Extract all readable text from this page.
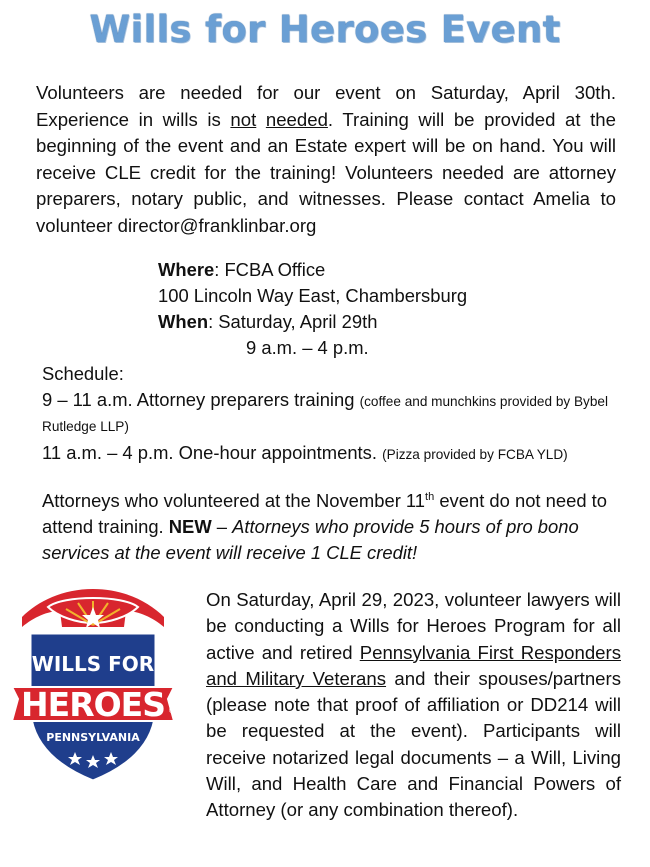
Wills for Heroes Event
Volunteers are needed for our event on Saturday, April 30th. Experience in wills is not needed. Training will be provided at the beginning of the event and an Estate expert will be on hand. You will receive CLE credit for the training! Volunteers needed are attorney preparers, notary public, and witnesses. Please contact Amelia to volunteer director@franklinbar.org
Where: FCBA Office
100 Lincoln Way East, Chambersburg
When: Saturday, April 29th
9 a.m. – 4 p.m.
Schedule:
9 – 11 a.m. Attorney preparers training (coffee and munchkins provided by Bybel Rutledge LLP)
11 a.m. – 4 p.m. One-hour appointments. (Pizza provided by FCBA YLD)
Attorneys who volunteered at the November 11th event do not need to attend training. NEW – Attorneys who provide 5 hours of pro bono services at the event will receive 1 CLE credit!
WILLS FOR
HEROES ®
PENNSYLVANIA
On Saturday, April 29, 2023, volunteer lawyers will be conducting a Wills for Heroes Program for all active and retired Pennsylvania First Responders and Military Veterans and their spouses/partners (please note that proof of affiliation or DD214 will be requested at the event). Participants will receive notarized legal documents – a Will, Living Will, and Health Care and Financial Powers of Attorney (or any combination thereof).
